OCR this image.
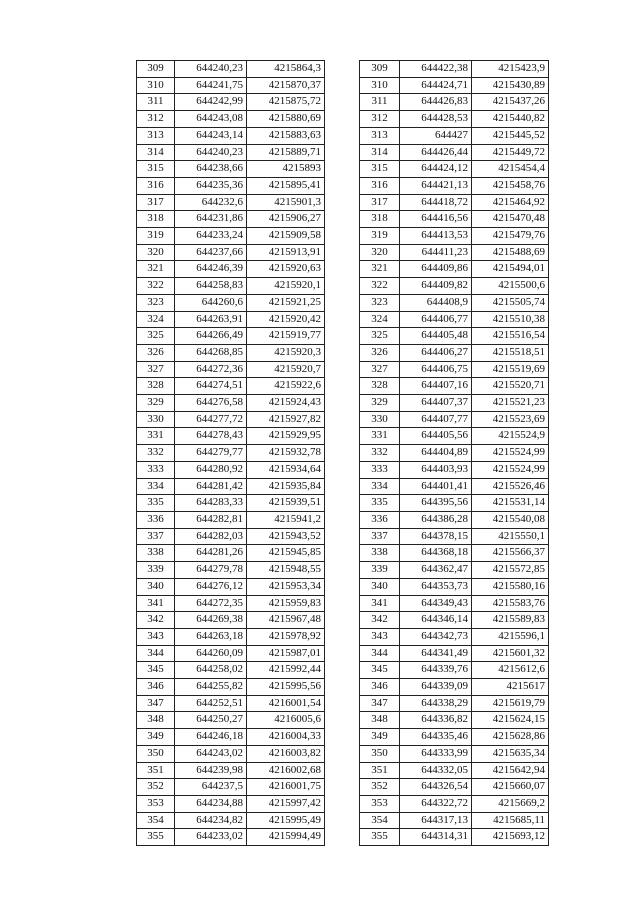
309	644240,23	4215864,3
310	644241,75	4215870,37
311	644242,99	4215875,72
312	644243,08	4215880,69
313	644243,14	4215883,63
314	644240,23	4215889,71
315	644238,66	4215893
316	644235,36	4215895,41
317	644232,6	4215901,3
318	644231,86	4215906,27
319	644233,24	4215909,58
320	644237,66	4215913,91
321	644246,39	4215920,63
322	644258,83	4215920,1
323	644260,6	4215921,25
324	644263,91	4215920,42
325	644266,49	4215919,77
326	644268,85	4215920,3
327	644272,36	4215920,7
328	644274,51	4215922,6
329	644276,58	4215924,43
330	644277,72	4215927,82
331	644278,43	4215929,95
332	644279,77	4215932,78
333	644280,92	4215934,64
334	644281,42	4215935,84
335	644283,33	4215939,51
336	644282,81	4215941,2
337	644282,03	4215943,52
338	644281,26	4215945,85
339	644279,78	4215948,55
340	644276,12	4215953,34
341	644272,35	4215959,83
342	644269,38	4215967,48
343	644263,18	4215978,92
344	644260,09	4215987,01
345	644258,02	4215992,44
346	644255,82	4215995,56
347	644252,51	4216001,54
348	644250,27	4216005,6
349	644246,18	4216004,33
350	644243,02	4216003,82
351	644239,98	4216002,68
352	644237,5	4216001,75
353	644234,88	4215997,42
354	644234,82	4215995,49
355	644233,02	4215994,49
309	644422,38	4215423,9
310	644424,71	4215430,89
311	644426,83	4215437,26
312	644428,53	4215440,82
313	644427	4215445,52
314	644426,44	4215449,72
315	644424,12	4215454,4
316	644421,13	4215458,76
317	644418,72	4215464,92
318	644416,56	4215470,48
319	644413,53	4215479,76
320	644411,23	4215488,69
321	644409,86	4215494,01
322	644409,82	4215500,6
323	644408,9	4215505,74
324	644406,77	4215510,38
325	644405,48	4215516,54
326	644406,27	4215518,51
327	644406,75	4215519,69
328	644407,16	4215520,71
329	644407,37	4215521,23
330	644407,77	4215523,69
331	644405,56	4215524,9
332	644404,89	4215524,99
333	644403,93	4215524,99
334	644401,41	4215526,46
335	644395,56	4215531,14
336	644386,28	4215540,08
337	644378,15	4215550,1
338	644368,18	4215566,37
339	644362,47	4215572,85
340	644353,73	4215580,16
341	644349,43	4215583,76
342	644346,14	4215589,83
343	644342,73	4215596,1
344	644341,49	4215601,32
345	644339,76	4215612,6
346	644339,09	4215617
347	644338,29	4215619,79
348	644336,82	4215624,15
349	644335,46	4215628,86
350	644333,99	4215635,34
351	644332,05	4215642,94
352	644326,54	4215660,07
353	644322,72	4215669,2
354	644317,13	4215685,11
355	644314,31	4215693,12
